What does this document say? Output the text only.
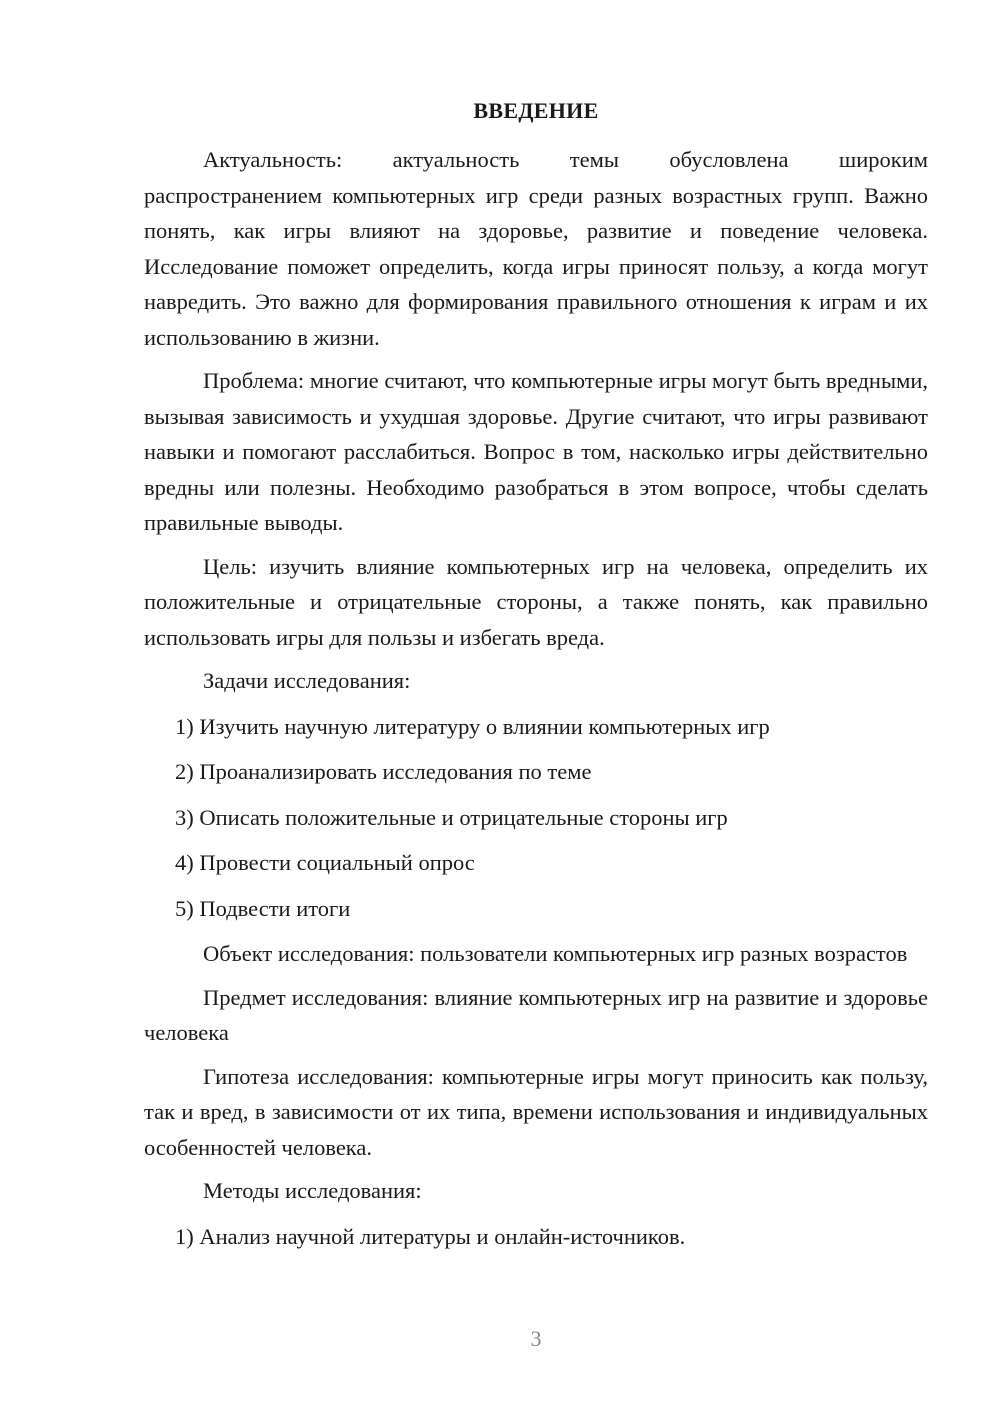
ВВЕДЕНИЕ

Актуальность: актуальность темы обусловлена широким распространением компьютерных игр среди разных возрастных групп. Важно понять, как игры влияют на здоровье, развитие и поведение человека. Исследование поможет определить, когда игры приносят пользу, а когда могут навредить. Это важно для формирования правильного отношения к играм и их использованию в жизни.

Проблема: многие считают, что компьютерные игры могут быть вредными, вызывая зависимость и ухудшая здоровье. Другие считают, что игры развивают навыки и помогают расслабиться. Вопрос в том, насколько игры действительно вредны или полезны. Необходимо разобраться в этом вопросе, чтобы сделать правильные выводы.

Цель: изучить влияние компьютерных игр на человека, определить их положительные и отрицательные стороны, а также понять, как правильно использовать игры для пользы и избегать вреда.

Задачи исследования:

1) Изучить научную литературу о влиянии компьютерных игр

2) Проанализировать исследования по теме

3) Описать положительные и отрицательные стороны игр

4) Провести социальный опрос

5) Подвести итоги

Объект исследования: пользователи компьютерных игр разных возрастов

Предмет исследования: влияние компьютерных игр на развитие и здоровье человека

Гипотеза исследования: компьютерные игры могут приносить как пользу, так и вред, в зависимости от их типа, времени использования и индивидуальных особенностей человека.

Методы исследования:

1) Анализ научной литературы и онлайн-источников.

3
